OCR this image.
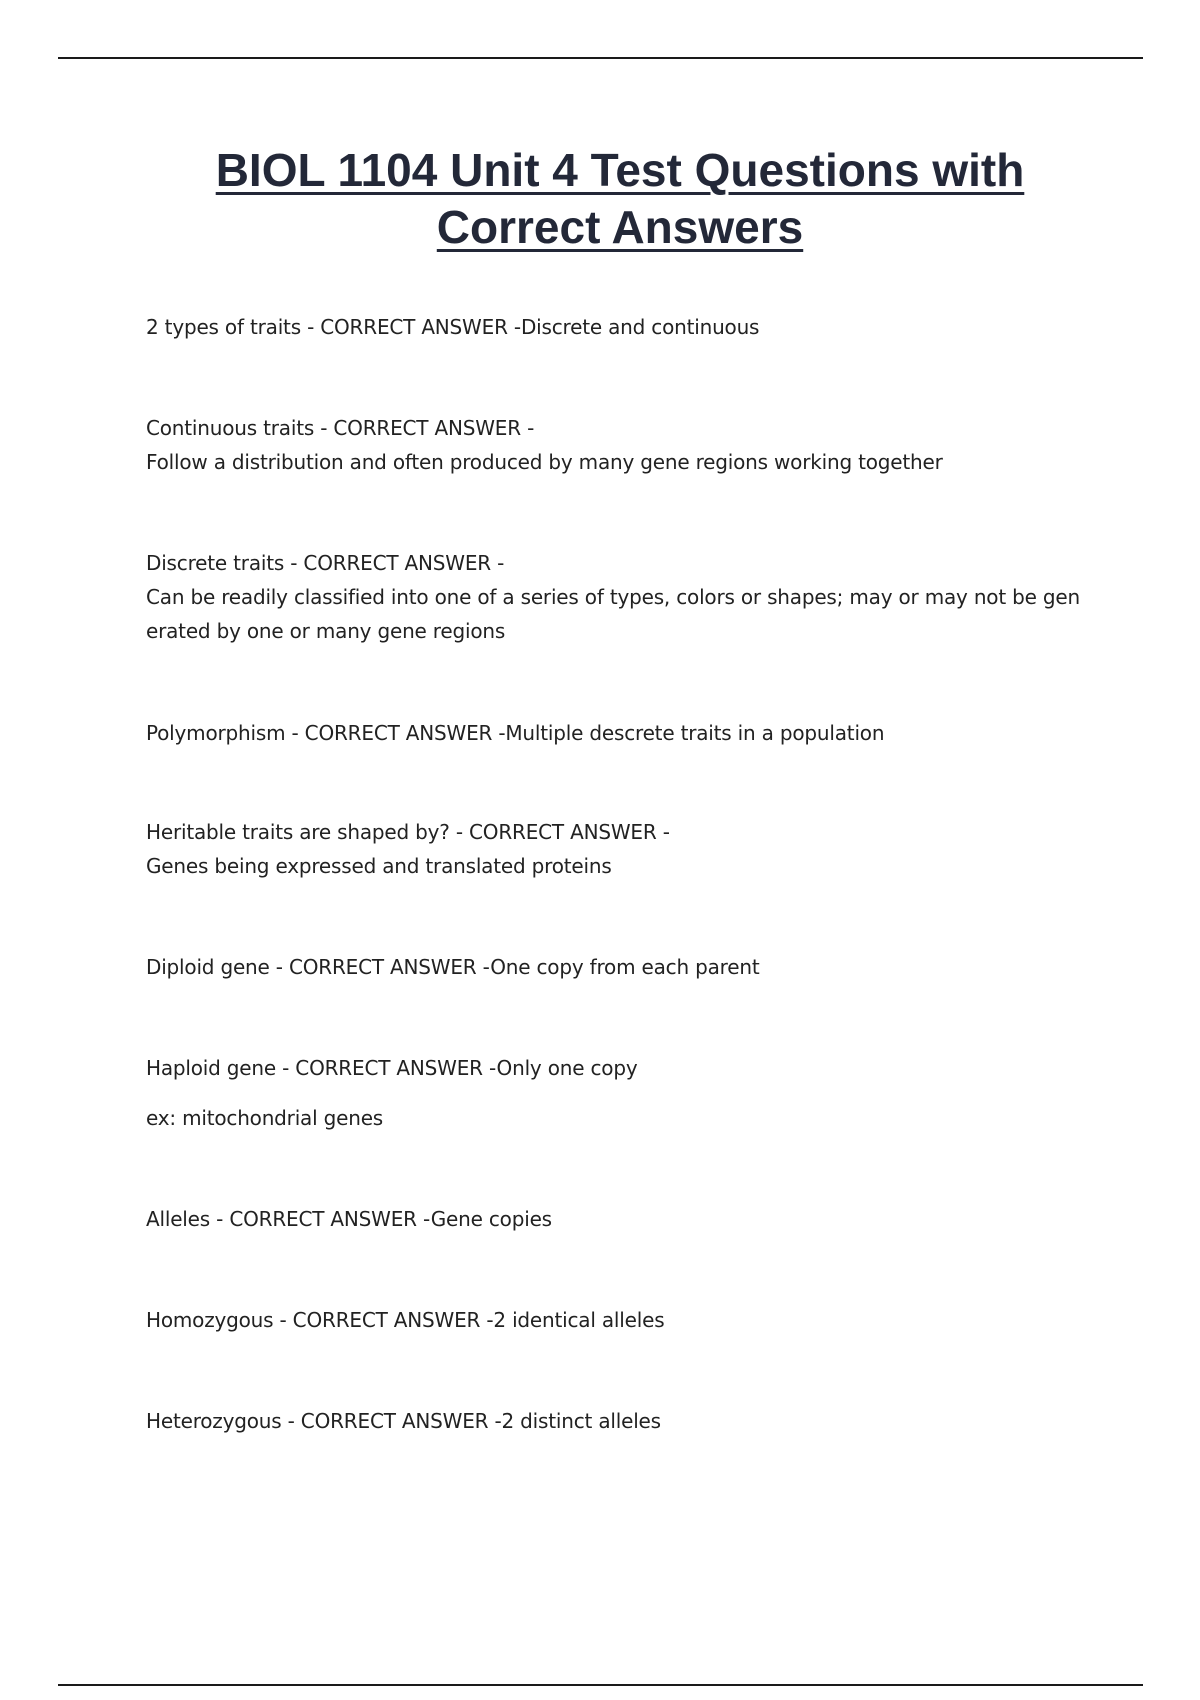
BIOL 1104 Unit 4 Test Questions with
Correct Answers
2 types of traits - CORRECT ANSWER -Discrete and continuous
Continuous traits - CORRECT ANSWER -
Follow a distribution and often produced by many gene regions working together
Discrete traits - CORRECT ANSWER -
Can be readily classified into one of a series of types, colors or shapes; may or may not be gen
erated by one or many gene regions
Polymorphism - CORRECT ANSWER -Multiple descrete traits in a population
Heritable traits are shaped by? - CORRECT ANSWER -
Genes being expressed and translated proteins
Diploid gene - CORRECT ANSWER -One copy from each parent
Haploid gene - CORRECT ANSWER -Only one copy
ex: mitochondrial genes
Alleles - CORRECT ANSWER -Gene copies
Homozygous - CORRECT ANSWER -2 identical alleles
Heterozygous - CORRECT ANSWER -2 distinct alleles
